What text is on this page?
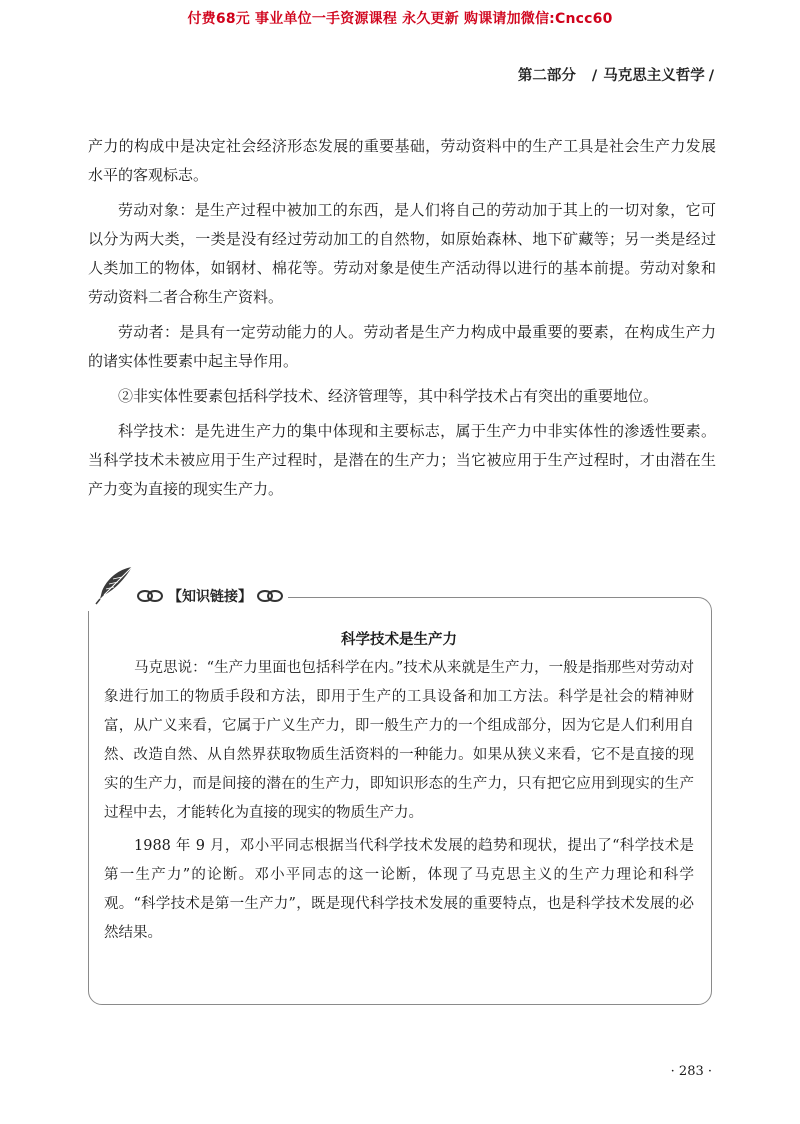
付费68元 事业单位一手资源课程 永久更新 购课请加微信:Cncc60
第二部分 / 马克思主义哲学 /

产力的构成中是决定社会经济形态发展的重要基础，劳动资料中的生产工具是社会生产力发展水平的客观标志。

劳动对象：是生产过程中被加工的东西，是人们将自己的劳动加于其上的一切对象，它可以分为两大类，一类是没有经过劳动加工的自然物，如原始森林、地下矿藏等；另一类是经过人类加工的物体，如钢材、棉花等。劳动对象是使生产活动得以进行的基本前提。劳动对象和劳动资料二者合称生产资料。

劳动者：是具有一定劳动能力的人。劳动者是生产力构成中最重要的要素，在构成生产力的诸实体性要素中起主导作用。

②非实体性要素包括科学技术、经济管理等，其中科学技术占有突出的重要地位。

科学技术：是先进生产力的集中体现和主要标志，属于生产力中非实体性的渗透性要素。当科学技术未被应用于生产过程时，是潜在的生产力；当它被应用于生产过程时，才由潜在生产力变为直接的现实生产力。

【知识链接】
科学技术是生产力

马克思说：“生产力里面也包括科学在内。”技术从来就是生产力，一般是指那些对劳动对象进行加工的物质手段和方法，即用于生产的工具设备和加工方法。科学是社会的精神财富，从广义来看，它属于广义生产力，即一般生产力的一个组成部分，因为它是人们利用自然、改造自然、从自然界获取物质生活资料的一种能力。如果从狭义来看，它不是直接的现实的生产力，而是间接的潜在的生产力，即知识形态的生产力，只有把它应用到现实的生产过程中去，才能转化为直接的现实的物质生产力。

1988 年 9 月，邓小平同志根据当代科学技术发展的趋势和现状，提出了“科学技术是第一生产力”的论断。邓小平同志的这一论断，体现了马克思主义的生产力理论和科学观。“科学技术是第一生产力”，既是现代科学技术发展的重要特点，也是科学技术发展的必然结果。

· 283 ·
